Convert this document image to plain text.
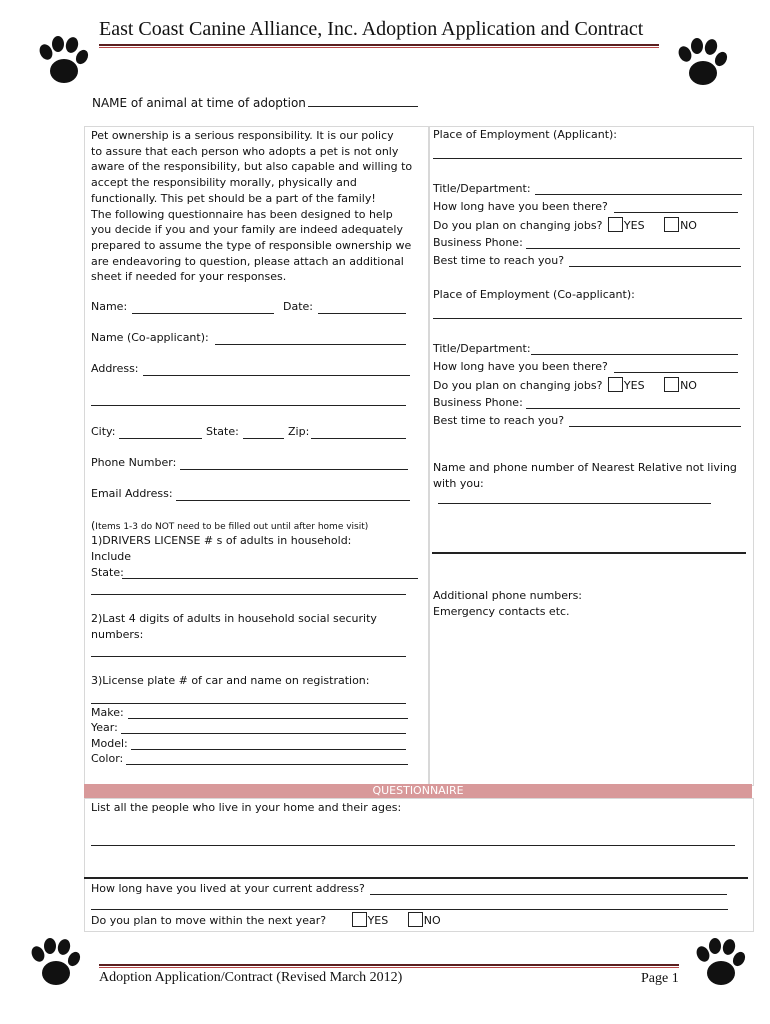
East Coast Canine Alliance, Inc. Adoption Application and Contract
NAME of animal at time of adoption
Pet ownership is a serious responsibility. It is our policy
to assure that each person who adopts a pet is not only
aware of the responsibility, but also capable and willing to
accept the responsibility morally, physically and
functionally. This pet should be a part of the family!
The following questionnaire has been designed to help
you decide if you and your family are indeed adequately
prepared to assume the type of responsible ownership we
are endeavoring to question, please attach an additional
sheet if needed for your responses.
Name:	Date:
Name (Co-applicant):
Address:
City:	State:	Zip:
Phone Number:
Email Address:
(Items 1-3 do NOT need to be filled out until after home visit)
1)DRIVERS LICENSE # s of adults in household:
Include
State:
2)Last 4 digits of adults in household social security
numbers:
3)License plate # of car and name on registration:
Make:
Year:
Model:
Color:
Place of Employment (Applicant):
Title/Department:
How long have you been there?
Do you plan on changing jobs? YES	NO
Business Phone:
Best time to reach you?
Place of Employment (Co-applicant):
Title/Department:
How long have you been there?
Do you plan on changing jobs? YES	NO
Business Phone:
Best time to reach you?
Name and phone number of Nearest Relative not living
with you:
Additional phone numbers:
Emergency contacts etc.
QUESTIONNAIRE
List all the people who live in your home and their ages:
How long have you lived at your current address?
Do you plan to move within the next year?	YES	NO
Adoption Application/Contract (Revised March 2012)	Page 1
